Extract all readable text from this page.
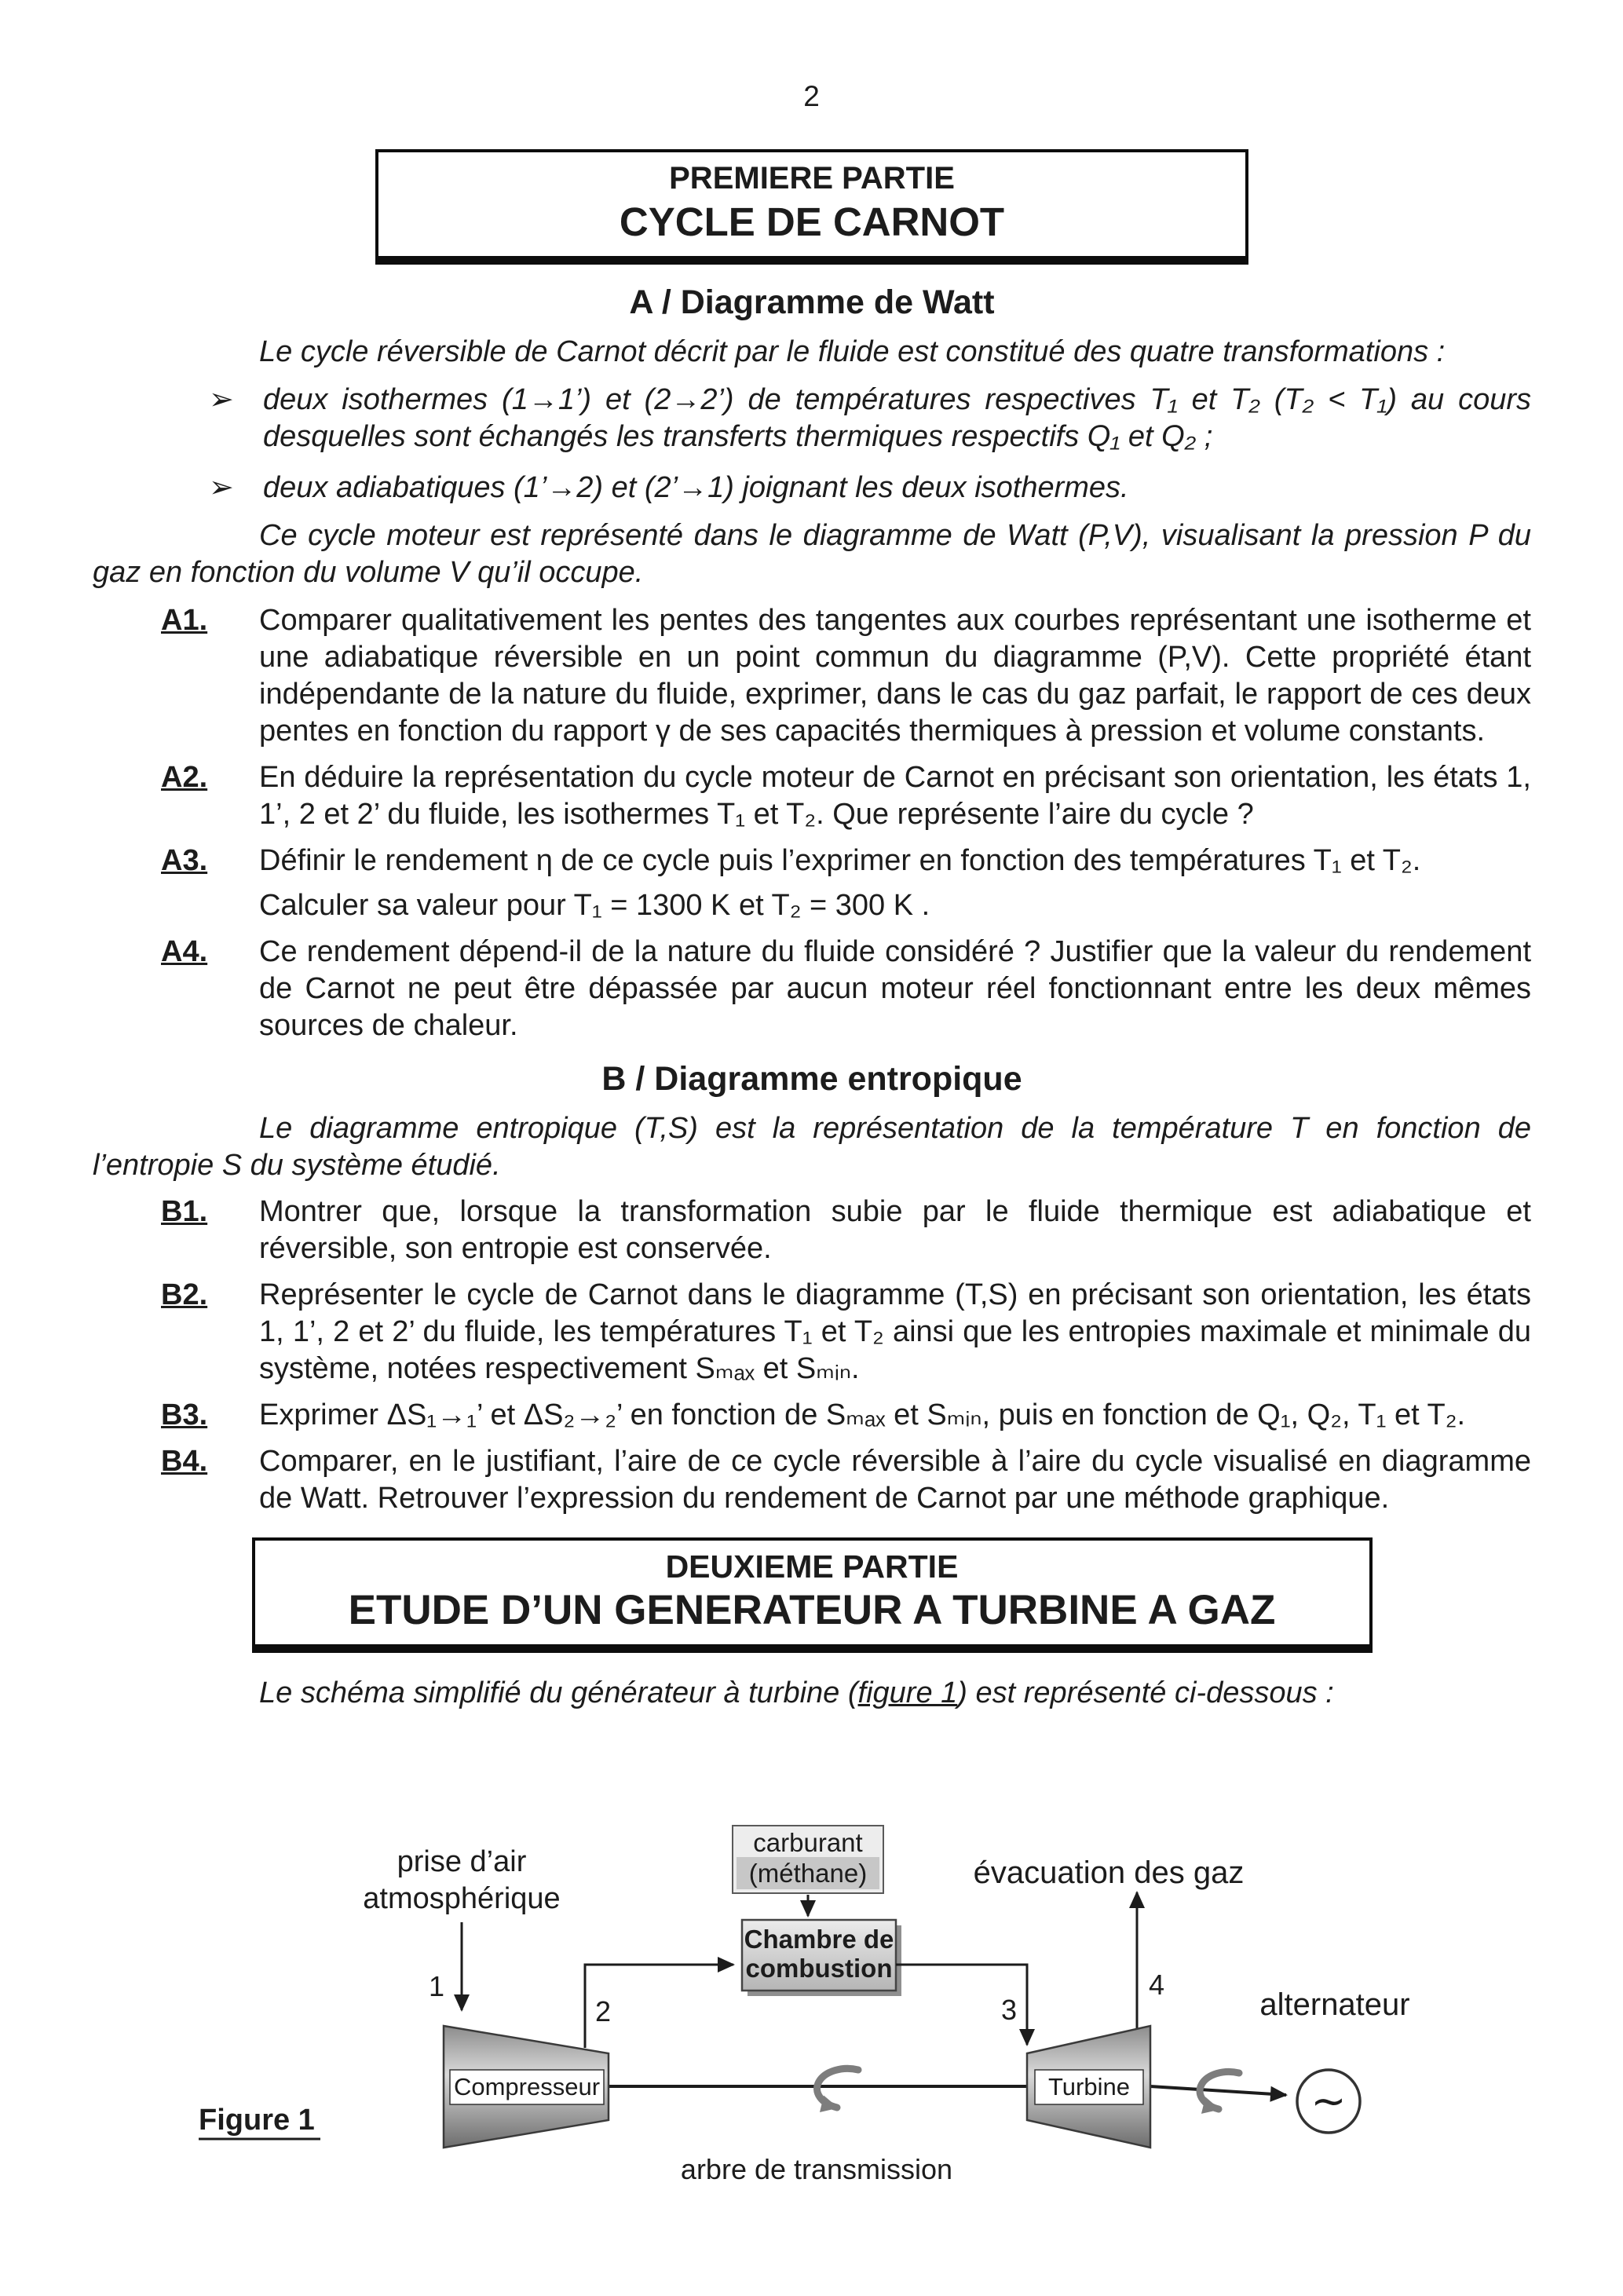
2
PREMIERE PARTIE
CYCLE DE CARNOT
A / Diagramme de Watt

Le cycle réversible de Carnot décrit par le fluide est constitué des quatre transformations :

➢ deux isothermes (1→1’) et (2→2’) de températures respectives T₁ et T₂ (T₂ < T₁) au cours desquelles sont échangés les transferts thermiques respectifs Q₁ et Q₂ ;
➢ deux adiabatiques (1’→2) et (2’→1) joignant les deux isothermes.

Ce cycle moteur est représenté dans le diagramme de Watt (P,V), visualisant la pression P du gaz en fonction du volume V qu’il occupe.

A1. Comparer qualitativement les pentes des tangentes aux courbes représentant une isotherme et une adiabatique réversible en un point commun du diagramme (P,V). Cette propriété étant indépendante de la nature du fluide, exprimer, dans le cas du gaz parfait, le rapport de ces deux pentes en fonction du rapport γ de ses capacités thermiques à pression et volume constants.
A2. En déduire la représentation du cycle moteur de Carnot en précisant son orientation, les états 1, 1’, 2 et 2’ du fluide, les isothermes T₁ et T₂. Que représente l’aire du cycle ?
A3. Définir le rendement η de ce cycle puis l’exprimer en fonction des températures T₁ et T₂.
Calculer sa valeur pour T₁ = 1300 K et T₂ = 300 K .
A4. Ce rendement dépend-il de la nature du fluide considéré ? Justifier que la valeur du rendement de Carnot ne peut être dépassée par aucun moteur réel fonctionnant entre les deux mêmes sources de chaleur.
B / Diagramme entropique

Le diagramme entropique (T,S) est la représentation de la température T en fonction de l’entropie S du système étudié.

B1. Montrer que, lorsque la transformation subie par le fluide thermique est adiabatique et réversible, son entropie est conservée.
B2. Représenter le cycle de Carnot dans le diagramme (T,S) en précisant son orientation, les états 1, 1’, 2 et 2’ du fluide, les températures T₁ et T₂ ainsi que les entropies maximale et minimale du système, notées respectivement Sₘₐₓ et Sₘᵢₙ.
B3. Exprimer ΔS₁→₁’ et ΔS₂→₂’ en fonction de Sₘₐₓ et Sₘᵢₙ, puis en fonction de Q₁, Q₂, T₁ et T₂.
B4. Comparer, en le justifiant, l’aire de ce cycle réversible à l’aire du cycle visualisé en diagramme de Watt. Retrouver l’expression du rendement de Carnot par une méthode graphique.
DEUXIEME PARTIE
ETUDE D’UN GENERATEUR A TURBINE A GAZ

Le schéma simplifié du générateur à turbine (figure 1) est représenté ci-dessous :

prise d’air
atmosphérique
1
carburant
(méthane)	évacuation des gaz
Chambre de
combustion
2	3
4
Compresseur	Turbine
alternateur
∼
arbre de transmission
Figure 1
